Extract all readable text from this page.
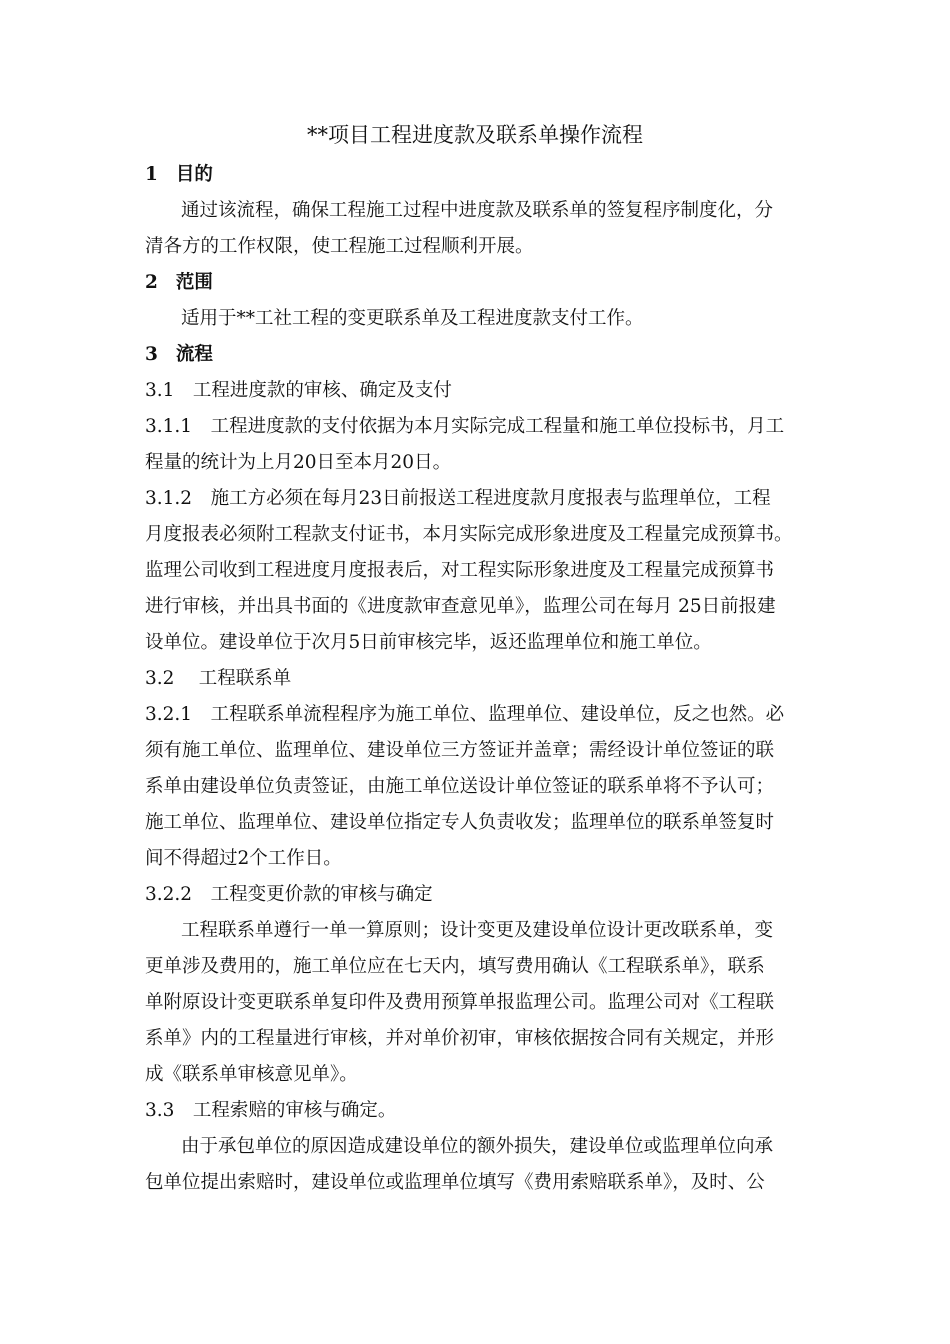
**项目工程进度款及联系单操作流程
1 目的
通过该流程，确保工程施工过程中进度款及联系单的签复程序制度化，分
清各方的工作权限，使工程施工过程顺利开展。
2 范围
适用于**工社工程的变更联系单及工程进度款支付工作。
3 流程
3.1　工程进度款的审核、确定及支付
3.1.1　工程进度款的支付依据为本月实际完成工程量和施工单位投标书，月工
程量的统计为上月20日至本月20日。
3.1.2　施工方必须在每月23日前报送工程进度款月度报表与监理单位，工程
月度报表必须附工程款支付证书，本月实际完成形象进度及工程量完成预算书。
监理公司收到工程进度月度报表后，对工程实际形象进度及工程量完成预算书
进行审核，并出具书面的《进度款审查意见单》，监理公司在每月 25日前报建
设单位。建设单位于次月5日前审核完毕，返还监理单位和施工单位。
3.2　 工程联系单
3.2.1　工程联系单流程程序为施工单位、监理单位、建设单位，反之也然。必
须有施工单位、监理单位、建设单位三方签证并盖章；需经设计单位签证的联
系单由建设单位负责签证，由施工单位送设计单位签证的联系单将不予认可；
施工单位、监理单位、建设单位指定专人负责收发；监理单位的联系单签复时
间不得超过2个工作日。
3.2.2　工程变更价款的审核与确定
工程联系单遵行一单一算原则；设计变更及建设单位设计更改联系单，变
更单涉及费用的，施工单位应在七天内，填写费用确认《工程联系单》，联系
单附原设计变更联系单复印件及费用预算单报监理公司。监理公司对《工程联
系单》内的工程量进行审核，并对单价初审，审核依据按合同有关规定，并形
成《联系单审核意见单》。
3.3　工程索赔的审核与确定。
由于承包单位的原因造成建设单位的额外损失，建设单位或监理单位向承
包单位提出索赔时，建设单位或监理单位填写《费用索赔联系单》，及时、公
